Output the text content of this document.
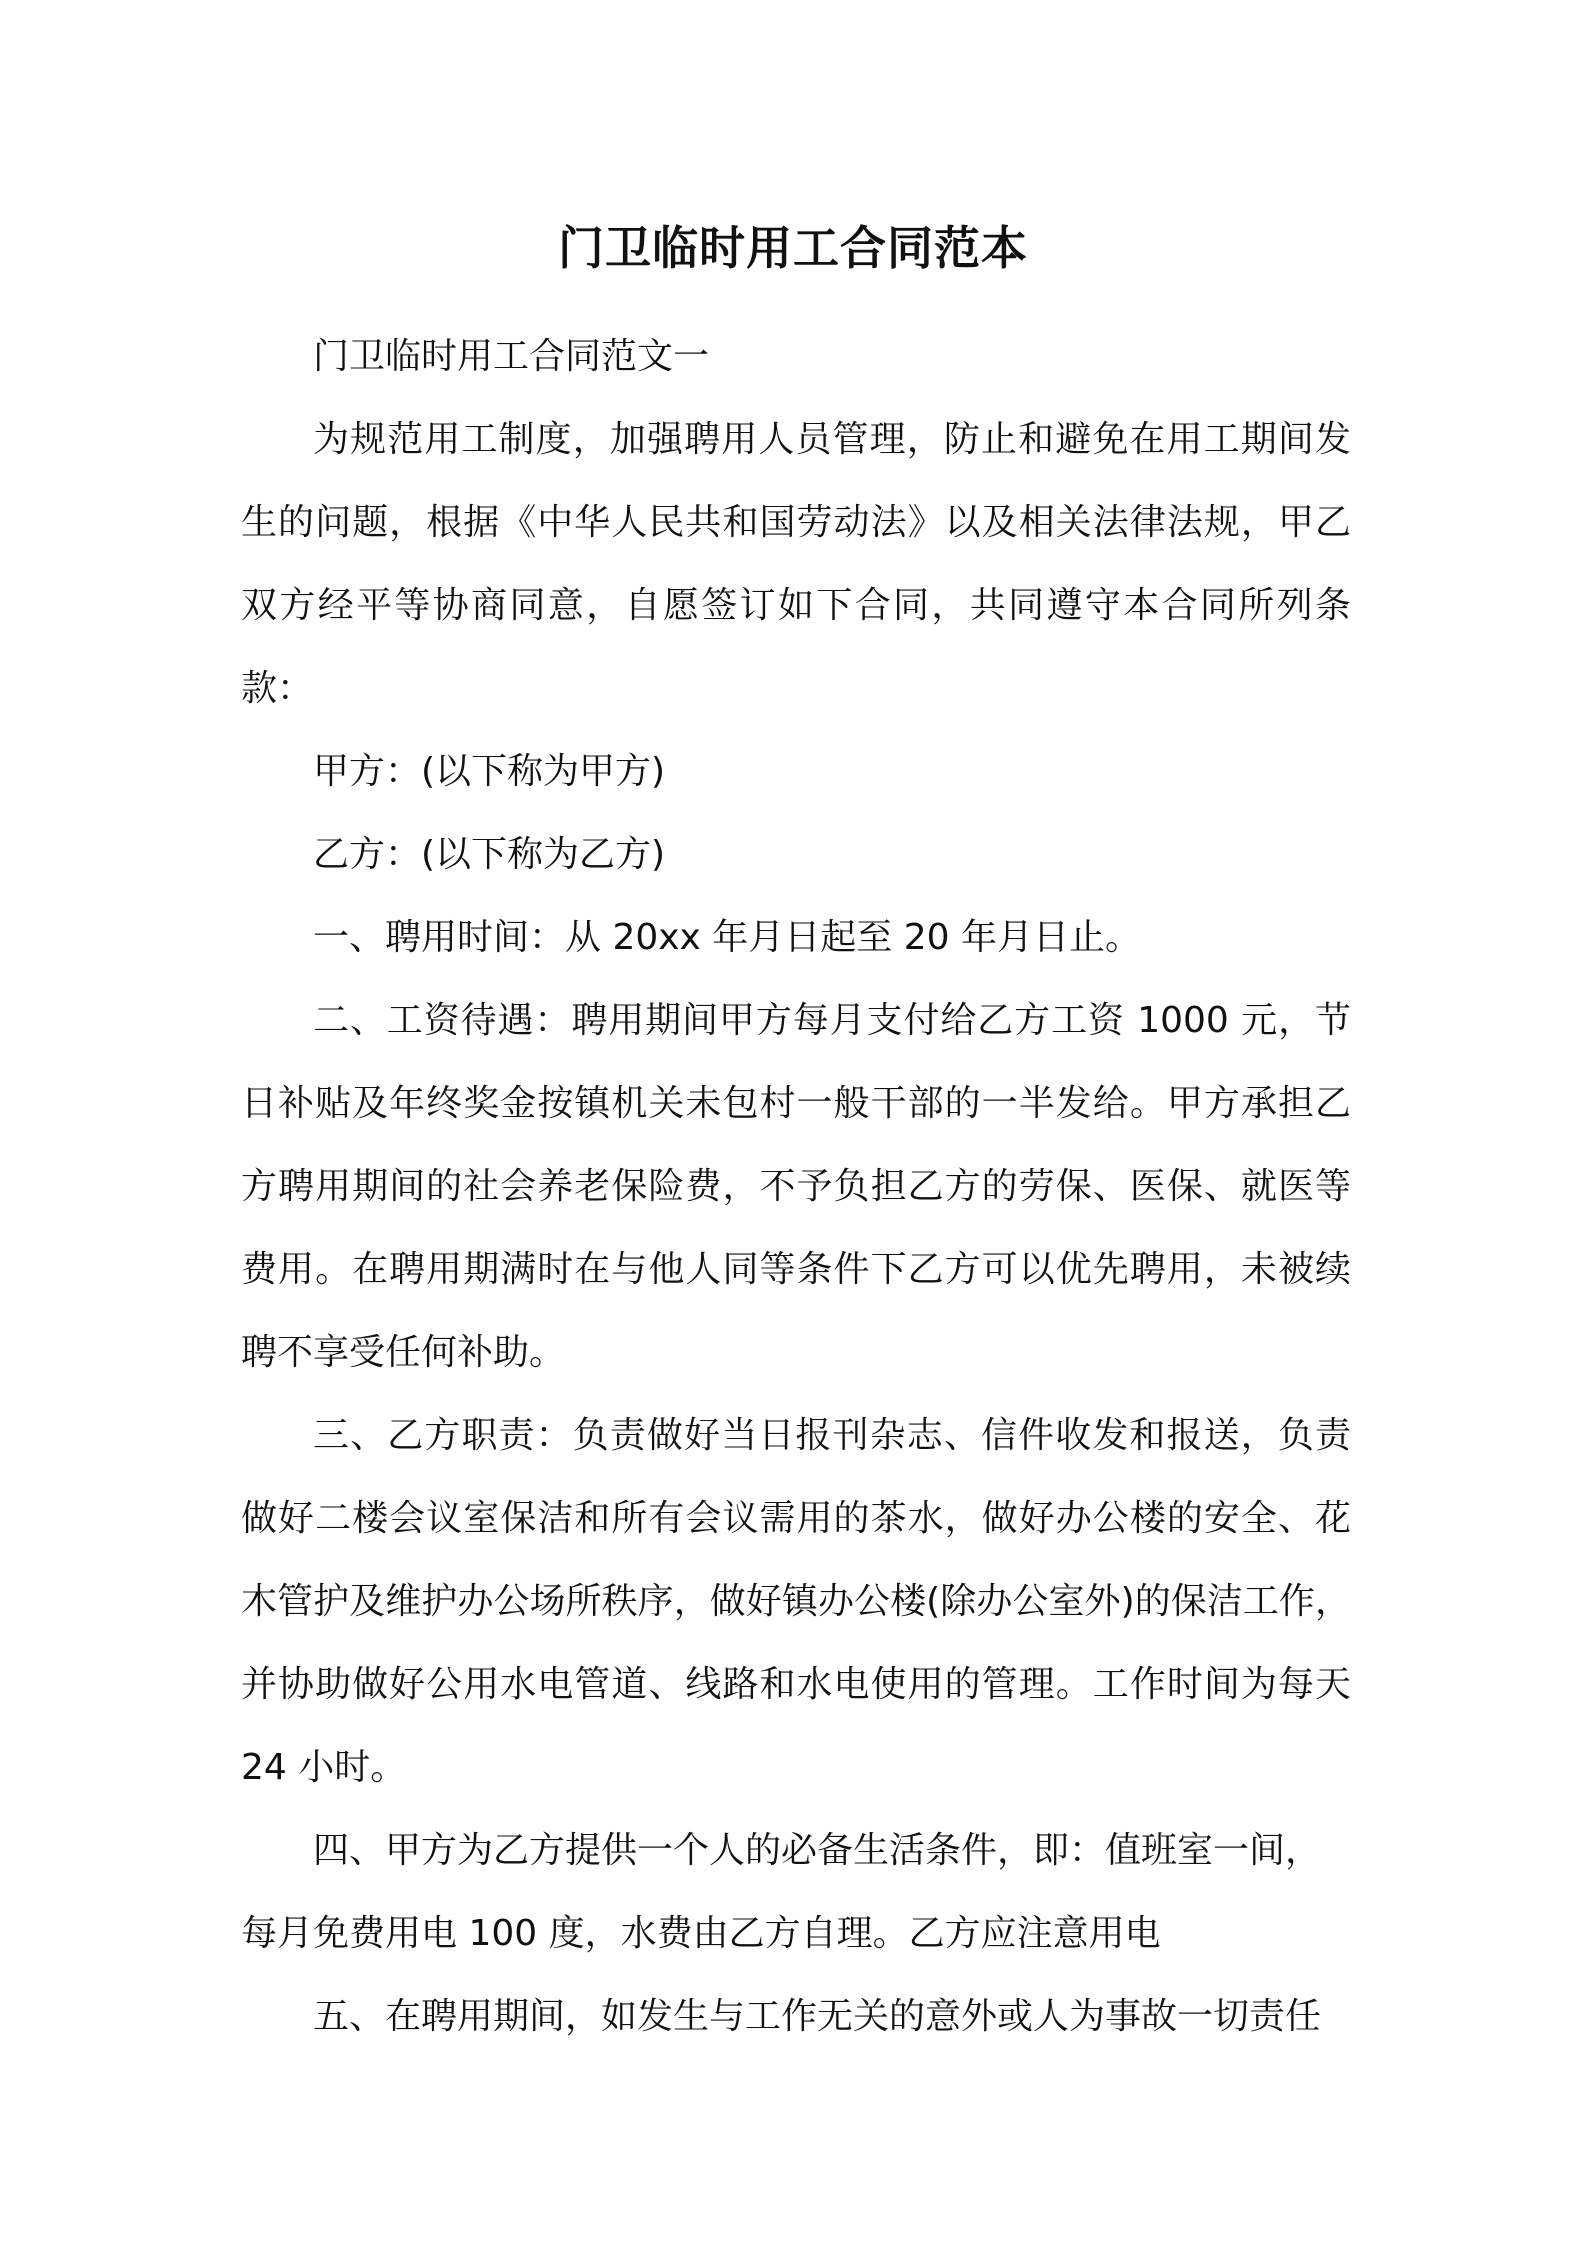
门卫临时用工合同范本

门卫临时用工合同范文一

为规范用工制度，加强聘用人员管理，防止和避免在用工期间发生的问题，根据《中华人民共和国劳动法》以及相关法律法规，甲乙双方经平等协商同意，自愿签订如下合同，共同遵守本合同所列条款：

甲方：(以下称为甲方)

乙方：(以下称为乙方)

一、聘用时间：从 20xx 年月日起至 20 年月日止。

二、工资待遇：聘用期间甲方每月支付给乙方工资 1000 元，节日补贴及年终奖金按镇机关未包村一般干部的一半发给。甲方承担乙方聘用期间的社会养老保险费，不予负担乙方的劳保、医保、就医等费用。在聘用期满时在与他人同等条件下乙方可以优先聘用，未被续聘不享受任何补助。

三、乙方职责：负责做好当日报刊杂志、信件收发和报送，负责做好二楼会议室保洁和所有会议需用的茶水，做好办公楼的安全、花木管护及维护办公场所秩序，做好镇办公楼(除办公室外)的保洁工作，并协助做好公用水电管道、线路和水电使用的管理。工作时间为每天 24 小时。

四、甲方为乙方提供一个人的必备生活条件，即：值班室一间，每月免费用电 100 度，水费由乙方自理。乙方应注意用电

五、在聘用期间，如发生与工作无关的意外或人为事故一切责任
